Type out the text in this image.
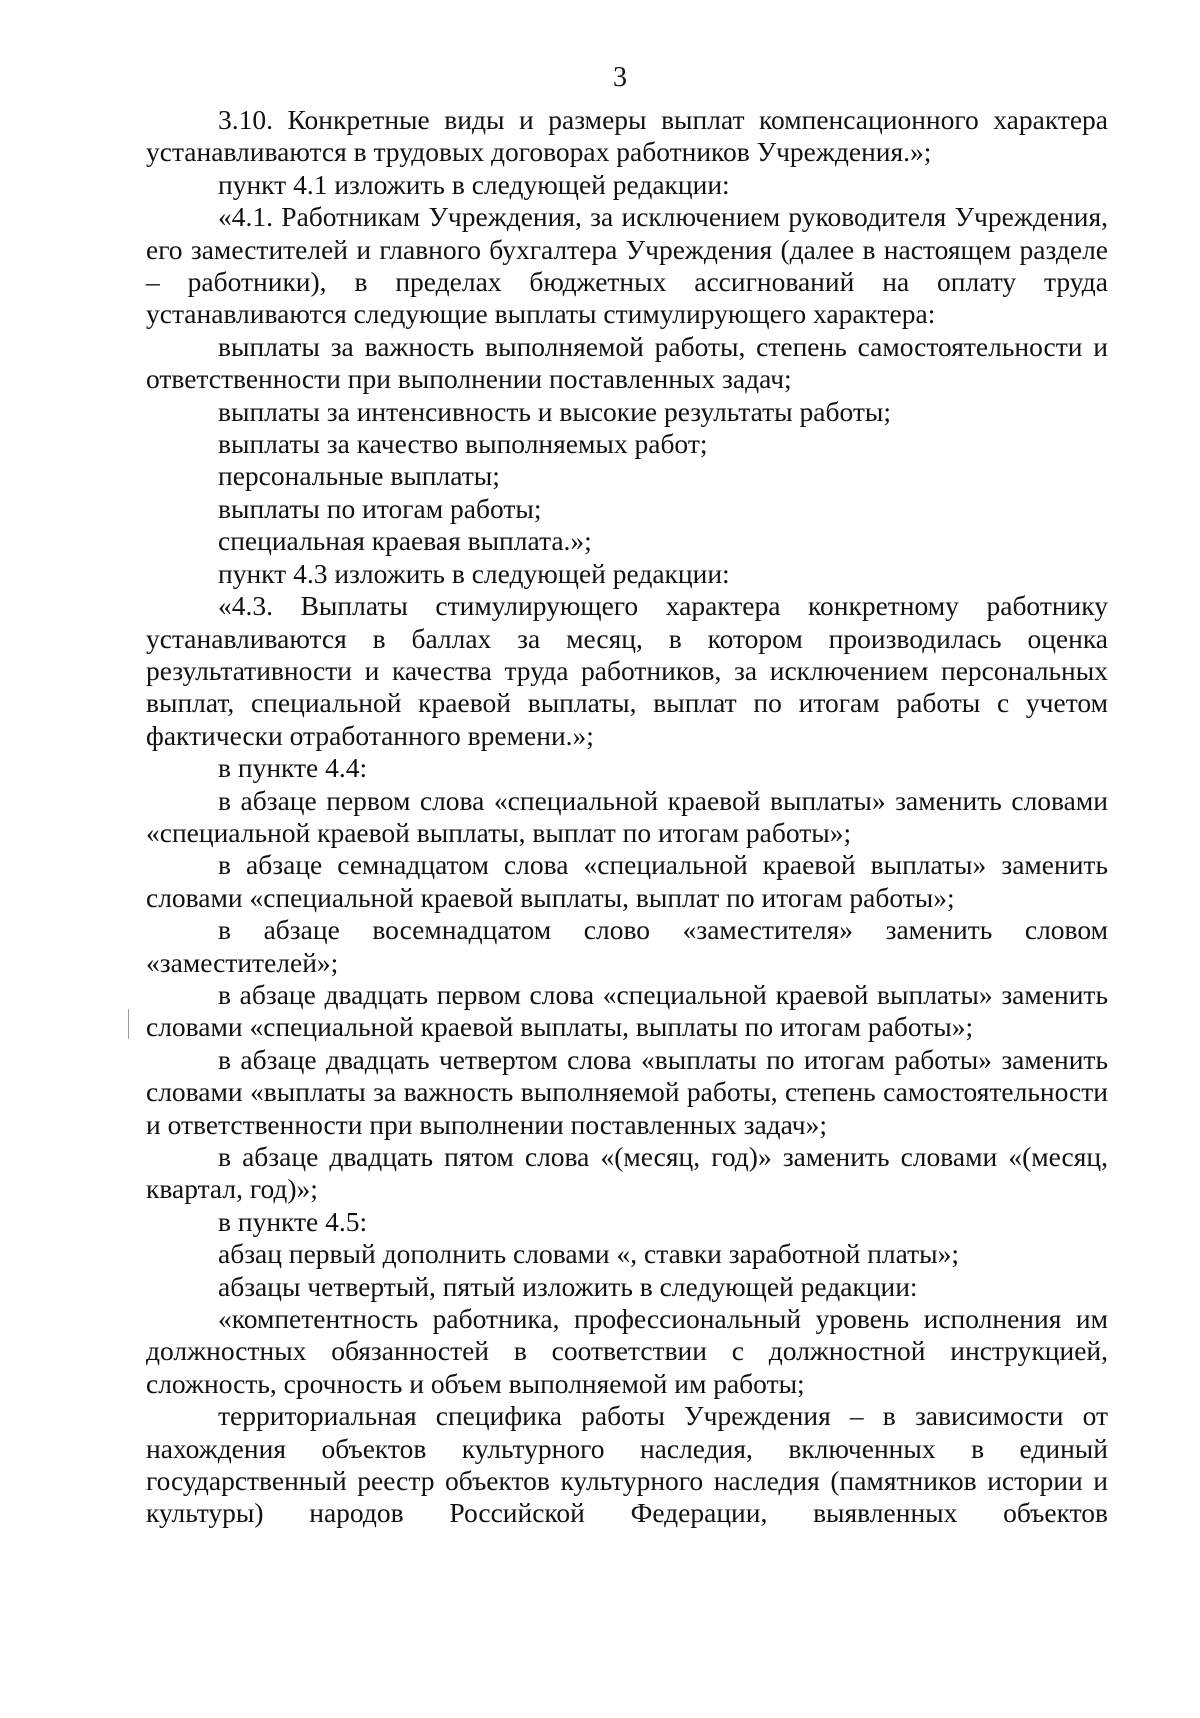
3

3.10. Конкретные виды и размеры выплат компенсационного характера устанавливаются в трудовых договорах работников Учреждения.»;

пункт 4.1 изложить в следующей редакции:

«4.1. Работникам Учреждения, за исключением руководителя Учреждения, его заместителей и главного бухгалтера Учреждения (далее в настоящем разделе – работники), в пределах бюджетных ассигнований на оплату труда устанавливаются следующие выплаты стимулирующего характера:

выплаты за важность выполняемой работы, степень самостоятельности и ответственности при выполнении поставленных задач;

выплаты за интенсивность и высокие результаты работы;

выплаты за качество выполняемых работ;

персональные выплаты;

выплаты по итогам работы;

специальная краевая выплата.»;

пункт 4.3 изложить в следующей редакции:

«4.3. Выплаты стимулирующего характера конкретному работнику устанавливаются в баллах за месяц, в котором производилась оценка результативности и качества труда работников, за исключением персональных выплат, специальной краевой выплаты, выплат по итогам работы с учетом фактически отработанного времени.»;

в пункте 4.4:

в абзаце первом слова «специальной краевой выплаты» заменить словами «специальной краевой выплаты, выплат по итогам работы»;

в абзаце семнадцатом слова «специальной краевой выплаты» заменить словами «специальной краевой выплаты, выплат по итогам работы»;

в абзаце восемнадцатом слово «заместителя» заменить словом «заместителей»;

в абзаце двадцать первом слова «специальной краевой выплаты» заменить словами «специальной краевой выплаты, выплаты по итогам работы»;

в абзаце двадцать четвертом слова «выплаты по итогам работы» заменить словами «выплаты за важность выполняемой работы, степень самостоятельности и ответственности при выполнении поставленных задач»;

в абзаце двадцать пятом слова «(месяц, год)» заменить словами «(месяц, квартал, год)»;

в пункте 4.5:

абзац первый дополнить словами «, ставки заработной платы»;

абзацы четвертый, пятый изложить в следующей редакции:

«компетентность работника, профессиональный уровень исполнения им должностных обязанностей в соответствии с должностной инструкцией, сложность, срочность и объем выполняемой им работы;

территориальная специфика работы Учреждения – в зависимости от нахождения объектов культурного наследия, включенных в единый государственный реестр объектов культурного наследия (памятников истории и культуры) народов Российской Федерации, выявленных объектов
